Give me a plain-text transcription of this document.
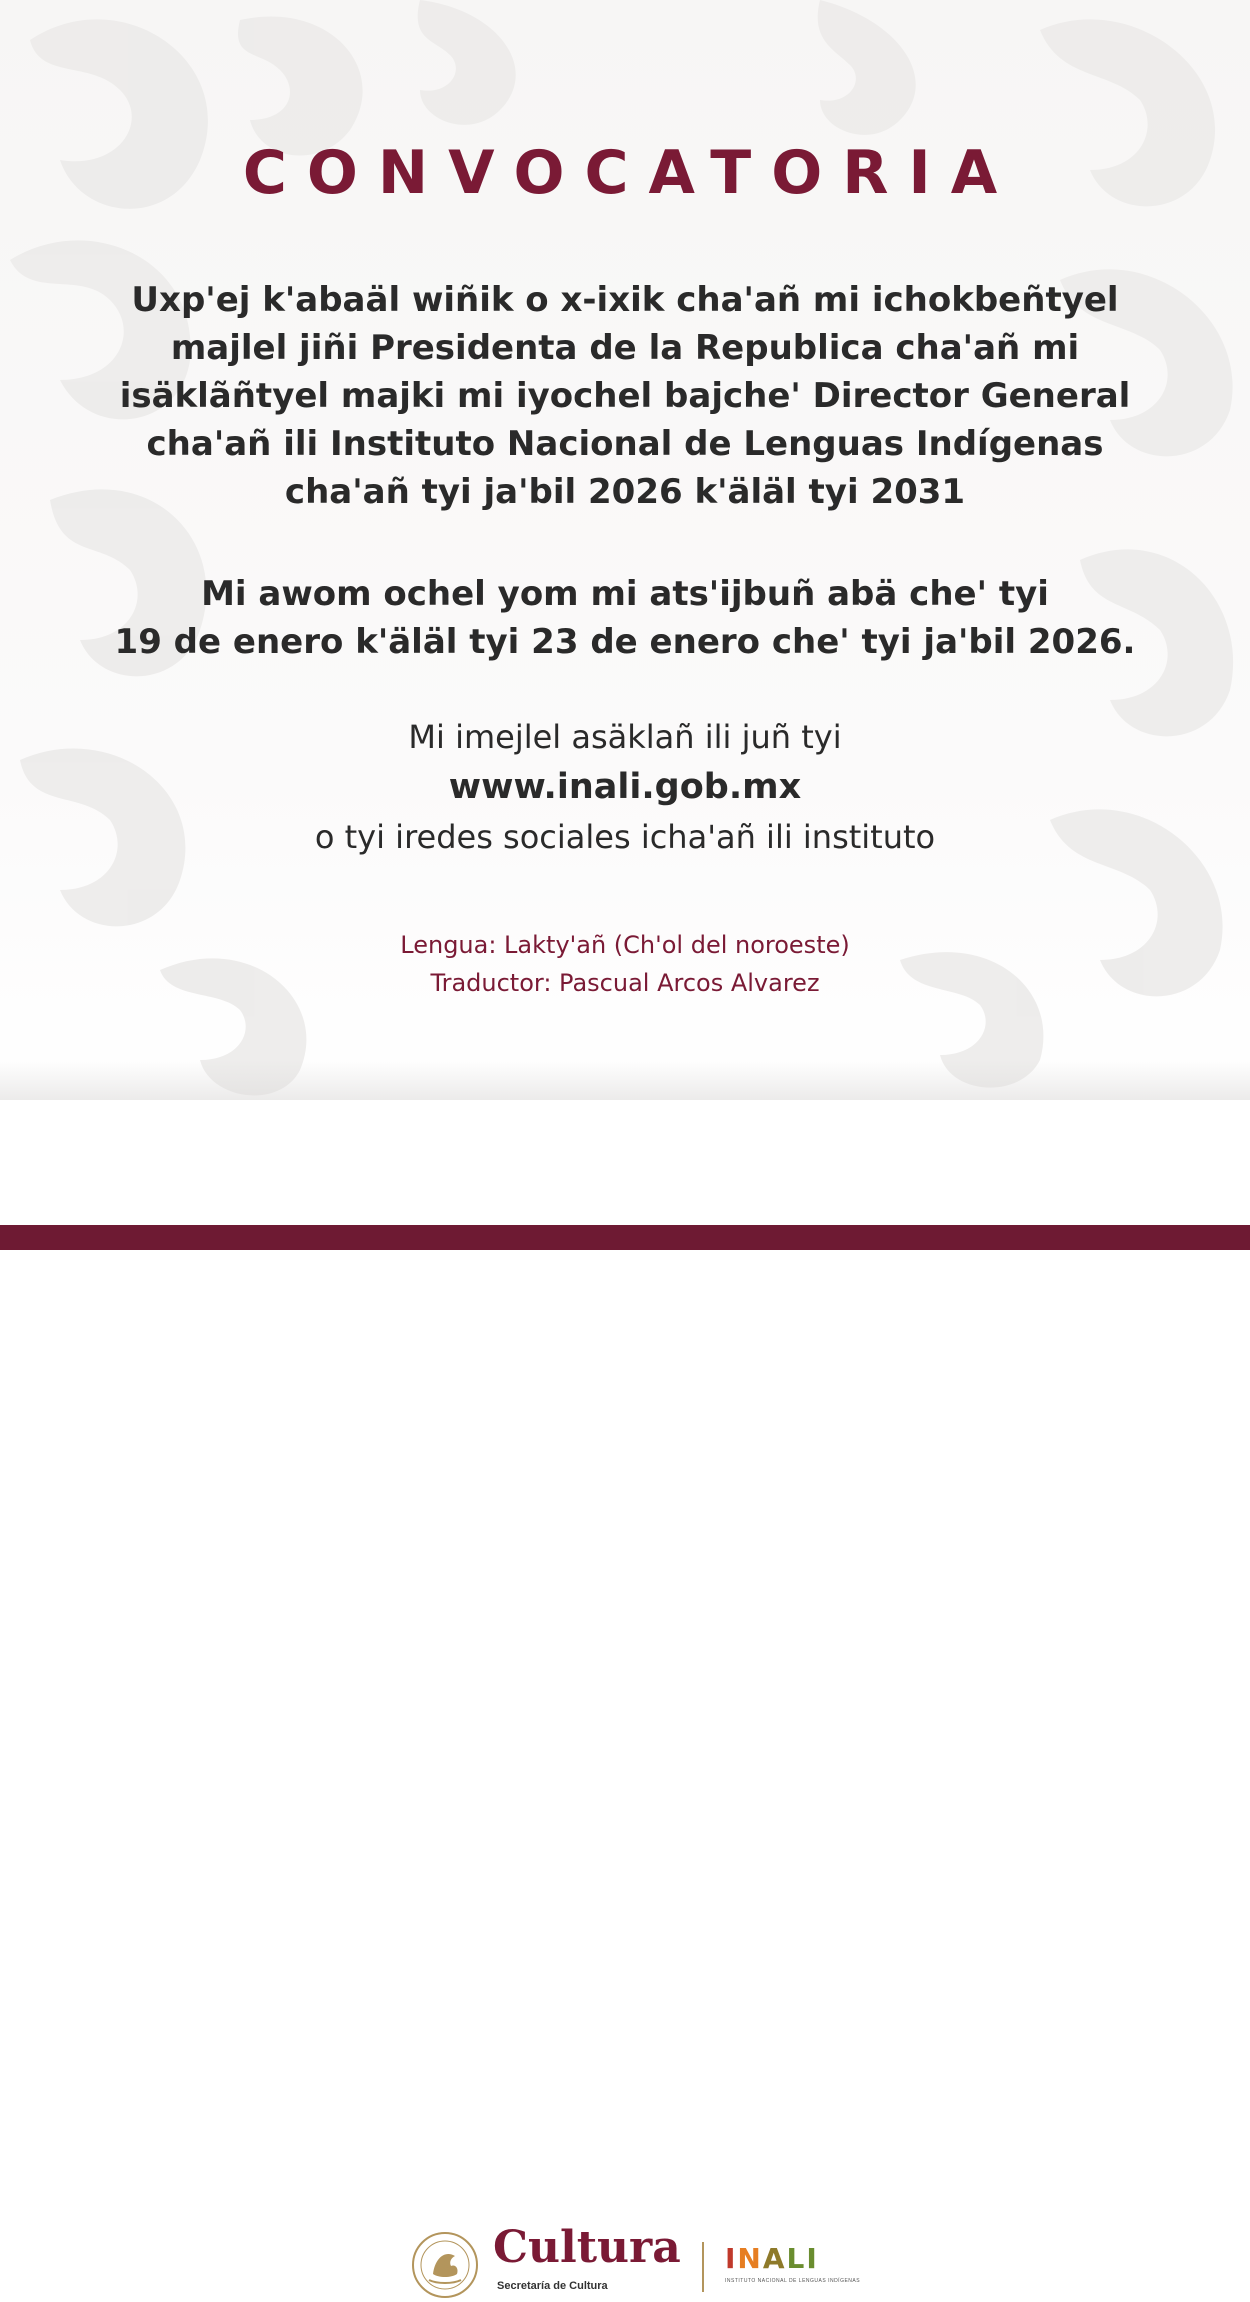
CONVOCATORIA
Uxp'ej k'abaäl wiñik o x-ixik cha'añ mi ichokbeñtyel
majlel jiñi Presidenta de la Republica cha'añ mi
isäklãñtyel majki mi iyochel bajche' Director General
cha'añ ili Instituto Nacional de Lenguas Indígenas
cha'añ tyi ja'bil 2026 k'äläl tyi 2031
Mi awom ochel yom mi ats'ijbuñ abä che' tyi
19 de enero k'äläl tyi 23 de enero che' tyi ja'bil 2026.
Mi imejlel asäklañ ili juñ tyi
www.inali.gob.mx
o tyi iredes sociales icha'añ ili instituto
Lengua: Lakty'añ (Ch'ol del noroeste)
Traductor: Pascual Arcos Alvarez
Cultura
Secretaría de Cultura
INALI
INSTITUTO NACIONAL DE LENGUAS INDÍGENAS
